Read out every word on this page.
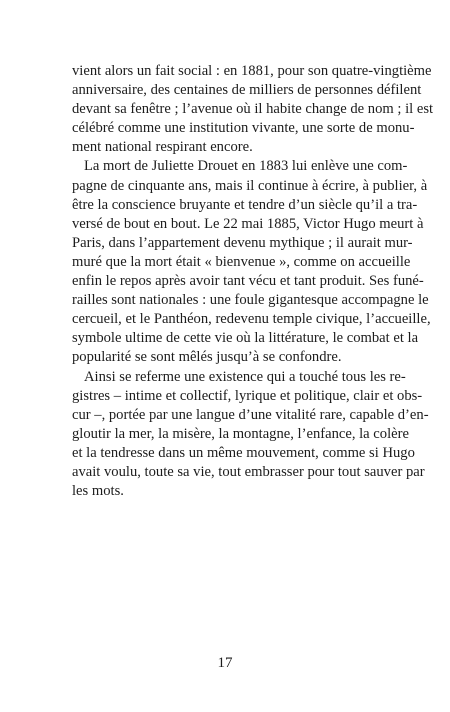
vient alors un fait social : en 1881, pour son quatre-vingtième
anniversaire, des centaines de milliers de personnes défilent
devant sa fenêtre ; l’avenue où il habite change de nom ; il est
célébré comme une institution vivante, une sorte de monu-
ment national respirant encore.
La mort de Juliette Drouet en 1883 lui enlève une com-
pagne de cinquante ans, mais il continue à écrire, à publier, à
être la conscience bruyante et tendre d’un siècle qu’il a tra-
versé de bout en bout. Le 22 mai 1885, Victor Hugo meurt à
Paris, dans l’appartement devenu mythique ; il aurait mur-
muré que la mort était « bienvenue », comme on accueille
enfin le repos après avoir tant vécu et tant produit. Ses funé-
railles sont nationales : une foule gigantesque accompagne le
cercueil, et le Panthéon, redevenu temple civique, l’accueille,
symbole ultime de cette vie où la littérature, le combat et la
popularité se sont mêlés jusqu’à se confondre.
Ainsi se referme une existence qui a touché tous les re-
gistres – intime et collectif, lyrique et politique, clair et obs-
cur –, portée par une langue d’une vitalité rare, capable d’en-
gloutir la mer, la misère, la montagne, l’enfance, la colère
et la tendresse dans un même mouvement, comme si Hugo
avait voulu, toute sa vie, tout embrasser pour tout sauver par
les mots.
17
